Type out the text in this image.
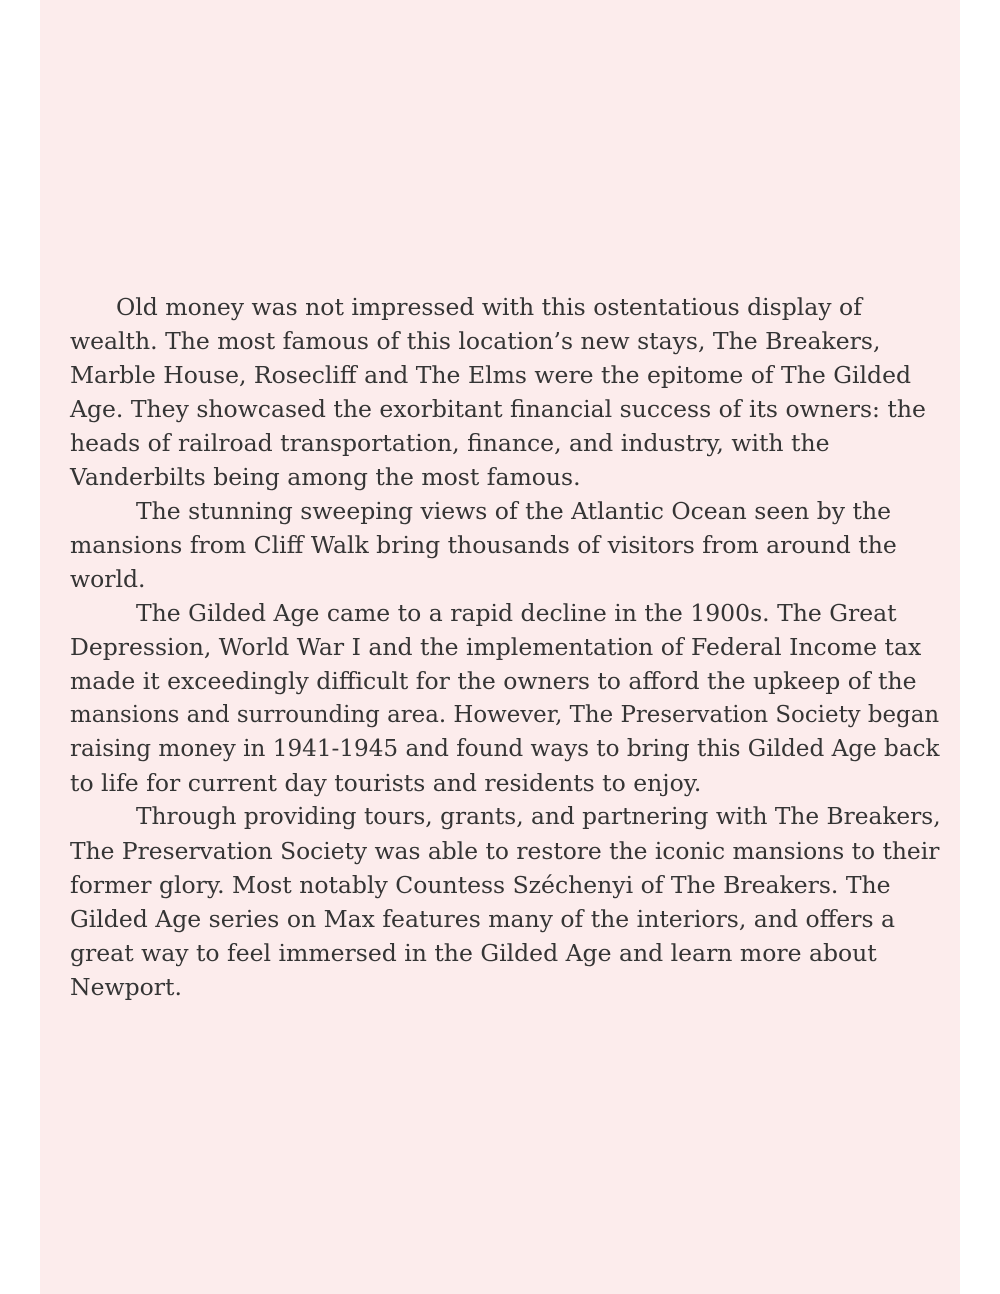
Old money was not impressed with this ostentatious display of
wealth. The most famous of this location’s new stays, The Breakers,
Marble House, Rosecliff and The Elms were the epitome of The Gilded
Age. They showcased the exorbitant financial success of its owners: the
heads of railroad transportation, finance, and industry, with the
Vanderbilts being among the most famous.
The stunning sweeping views of the Atlantic Ocean seen by the
mansions from Cliff Walk bring thousands of visitors from around the
world.
The Gilded Age came to a rapid decline in the 1900s. The Great
Depression, World War I and the implementation of Federal Income tax
made it exceedingly difficult for the owners to afford the upkeep of the
mansions and surrounding area. However, The Preservation Society began
raising money in 1941-1945 and found ways to bring this Gilded Age back
to life for current day tourists and residents to enjoy.
Through providing tours, grants, and partnering with The Breakers,
The Preservation Society was able to restore the iconic mansions to their
former glory. Most notably Countess Széchenyi of The Breakers. The
Gilded Age series on Max features many of the interiors, and offers a
great way to feel immersed in the Gilded Age and learn more about
Newport.
